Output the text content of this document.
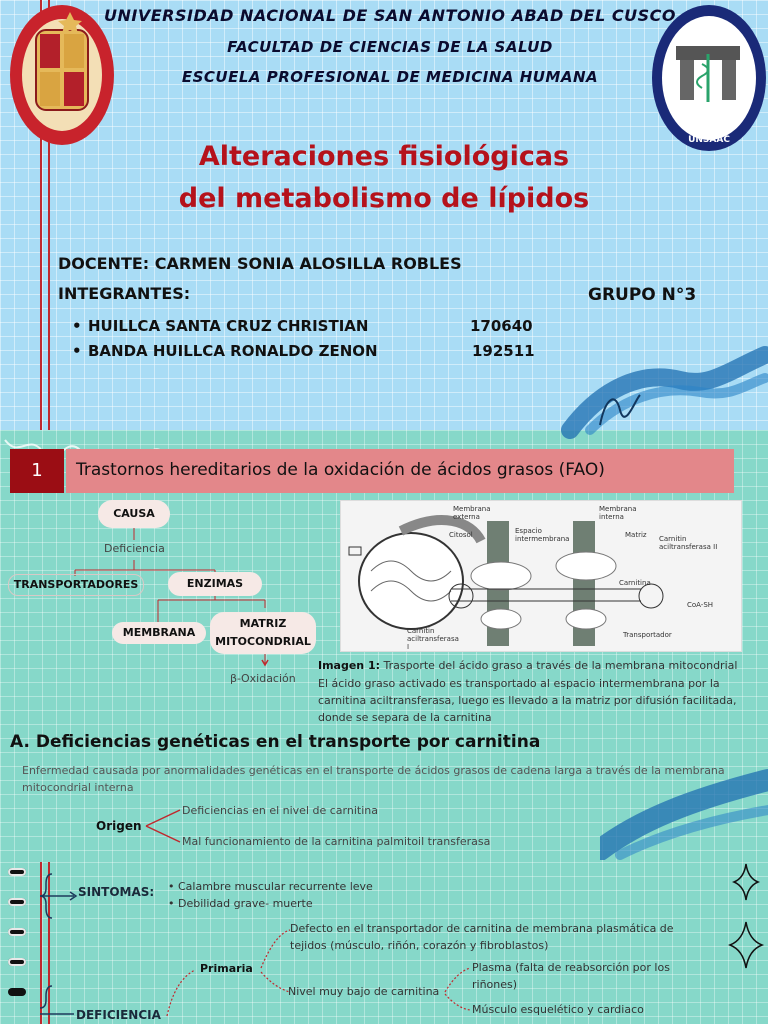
UNSAAC
UNIVERSIDAD NACIONAL DE SAN ANTONIO ABAD DEL CUSCO
FACULTAD DE CIENCIAS DE LA SALUD
ESCUELA PROFESIONAL DE MEDICINA HUMANA
Alteraciones fisiológicas
del metabolismo de lípidos
DOCENTE: CARMEN SONIA ALOSILLA ROBLES
INTEGRANTES:	GRUPO N°3
• HUILLCA SANTA CRUZ CHRISTIAN	170640
• BANDA HUILLCA RONALDO ZENON	192511
1	Trastornos hereditarios de la oxidación de ácidos grasos (FAO)
CAUSA
Deficiencia
TRANSPORTADORES	ENZIMAS
MEMBRANA
MATRIZ
MITOCONDRIAL
β-Oxidación
Membrana externa
Membrana interna
Citosol	Espacio intermembrana	Matriz Carnitin aciltransferasa II
Carnitina
CoA-SH
Carnitin aciltransferasa I
Transportador
Imagen 1: Trasporte del ácido graso a través de la membrana mitocondrial
El ácido graso activado es transportado al espacio intermembrana por la carnitina aciltransferasa, luego es llevado a la matriz por difusión facilitada, donde se separa de la carnitina
A. Deficiencias genéticas en el transporte por carnitina
Enfermedad causada por anormalidades genéticas en el transporte de ácidos grasos de cadena larga a través de la membrana mitocondrial interna
Origen
Deficiencias en el nivel de carnitina
Mal funcionamiento de la carnitina palmitoil transferasa
SINTOMAS: • Calambre muscular recurrente leve
• Debilidad grave- muerte
DEFICIENCIA
Primaria
Defecto en el transportador de carnitina de membrana plasmática de tejidos (músculo, riñón, corazón y fibroblastos)
Nivel muy bajo de carnitina
Plasma (falta de reabsorción por los riñones)
Músculo esquelético y cardiaco
